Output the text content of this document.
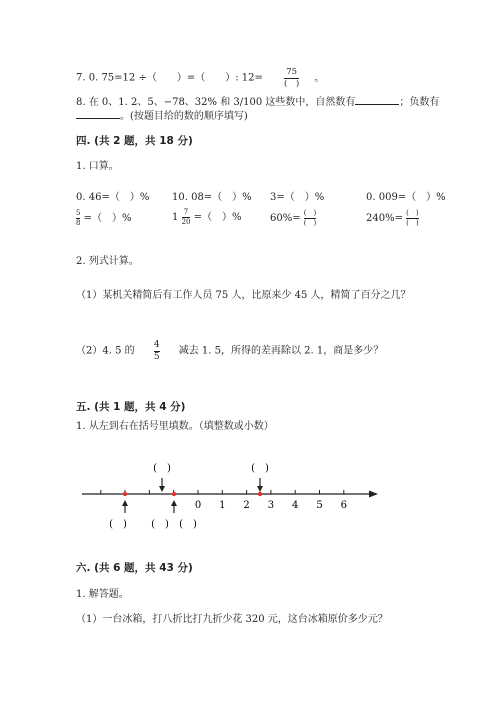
7. 0. 75=12 ÷（　　）=（　　）: $12= \frac{75}{( )}$ 。
8. 在 0、1. 2、5、−78、32% 和 3/100 这些数中，自然数有	；负数有
。(按题目给的数的顺序填写)
四. (共 2 题，共 18 分)
1. 口算。
0. 46=（　）% 10. 08=（　）% 3=（　）%	0. 009=（　）%
$\frac{5}{8}$ =（　）%	$1 \frac{7}{20}$ =（　）%	$60\%= \frac{( )}{( )}$	$240\%= \frac{( )}{( )}$
2. 列式计算。
（1）某机关精简后有工作人员 75 人，比原来少 45 人，精简了百分之几？
（2）4. 5 的 $\frac{4}{5}$ 减去 1. 5，所得的差再除以 2. 1，商是多少？
五. (共 1 题，共 4 分)
1. 从左到右在括号里填数。（填整数或小数）
0 1 2 3 4 5 6
(　)	(　)
(　) (　) (　)
六. (共 6 题，共 43 分)
1. 解答题。
（1）一台冰箱，打八折比打九折少花 320 元，这台冰箱原价多少元？
